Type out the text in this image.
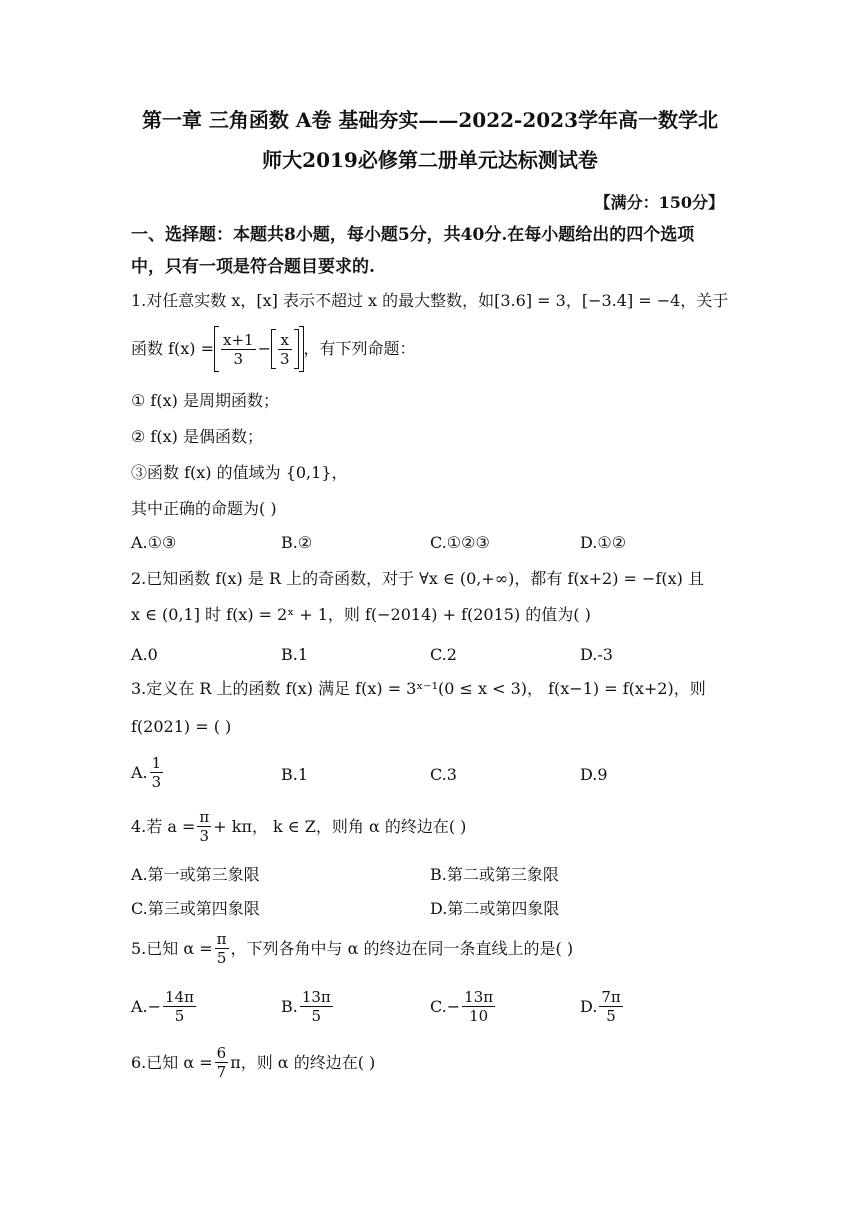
第一章 三角函数 A卷 基础夯实——2022-2023学年高一数学北
师大2019必修第二册单元达标测试卷
【满分：150分】
一、选择题：本题共8小题，每小题5分，共40分.在每小题给出的四个选项
中，只有一项是符合题目要求的.
1.对任意实数 x，[x] 表示不超过 x 的最大整数，如[3.6] = 3，[−3.4] = −4，关于
函数 $f(x) = \frac{x+1}{3} - \frac{x}{3}$ ，有下列命题：
① f(x) 是周期函数；
② f(x) 是偶函数；
③函数 f(x) 的值域为 {0,1}，
其中正确的命题为( )
A.①③	B.②	C.①②③	D.①②
2.已知函数 f(x) 是 R 上的奇函数，对于 ∀x ∈ (0,+∞)，都有 f(x+2) = −f(x) 且
x ∈ (0,1] 时 f(x) = 2ˣ + 1，则 f(−2014) + f(2015) 的值为( )
A.0	B.1	C.2	D.-3
3.定义在 R 上的函数 f(x) 满足 f(x) = 3ˣ⁻¹(0 ≤ x < 3)， f(x−1) = f(x+2)，则
f(2021) = ( )
A. $\frac{1}{3}$	B.1	C.3	D.9
4.若 $a = \frac{\pi}{3} + k\pi$， k ∈ Z，则角 α 的终边在( )
A.第一或第三象限	B.第二或第三象限
C.第三或第四象限	D.第二或第四象限
5.已知 $\alpha = \frac{\pi}{5}$ ，下列各角中与 α 的终边在同一条直线上的是( )
$A.- \frac{14\pi}{5}$	B. $\frac{13\pi}{5}$	$C.- \frac{13\pi}{10}$	D. $\frac{7\pi}{5}$
6.已知 $\alpha = \frac{6}{7}$ π，则 α 的终边在( )
